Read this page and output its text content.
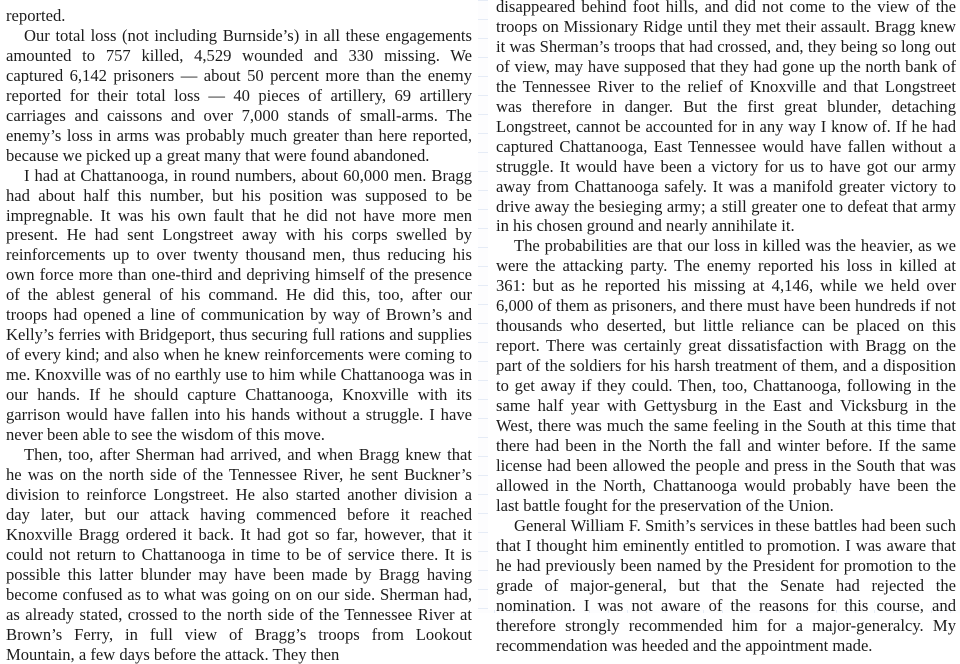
reported.

Our total loss (not including Burnside’s) in all these engagements amounted to 757 killed, 4,529 wounded and 330 missing. We captured 6,142 prisoners — about 50 percent more than the enemy reported for their total loss — 40 pieces of artillery, 69 artillery carriages and caissons and over 7,000 stands of small-arms. The enemy’s loss in arms was probably much greater than here reported, because we picked up a great many that were found abandoned.

I had at Chattanooga, in round numbers, about 60,000 men. Bragg had about half this number, but his position was supposed to be impregnable. It was his own fault that he did not have more men present. He had sent Longstreet away with his corps swelled by reinforcements up to over twenty thousand men, thus reducing his own force more than one-third and depriving himself of the presence of the ablest general of his command. He did this, too, after our troops had opened a line of communication by way of Brown’s and Kelly’s ferries with Bridgeport, thus securing full rations and supplies of every kind; and also when he knew reinforcements were coming to me. Knoxville was of no earthly use to him while Chattanooga was in our hands. If he should capture Chattanooga, Knoxville with its garrison would have fallen into his hands without a struggle. I have never been able to see the wisdom of this move.

Then, too, after Sherman had arrived, and when Bragg knew that he was on the north side of the Tennessee River, he sent Buckner’s division to reinforce Longstreet. He also started another division a day later, but our attack having commenced before it reached Knoxville Bragg ordered it back. It had got so far, however, that it could not return to Chattanooga in time to be of service there. It is possible this latter blunder may have been made by Bragg having become confused as to what was going on on our side. Sherman had, as already stated, crossed to the north side of the Tennessee River at Brown’s Ferry, in full view of Bragg’s troops from Lookout Mountain, a few days before the attack. They then

disappeared behind foot hills, and did not come to the view of the troops on Missionary Ridge until they met their assault. Bragg knew it was Sherman’s troops that had crossed, and, they being so long out of view, may have supposed that they had gone up the north bank of the Tennessee River to the relief of Knoxville and that Longstreet was therefore in danger. But the first great blunder, detaching Longstreet, cannot be accounted for in any way I know of. If he had captured Chattanooga, East Tennessee would have fallen without a struggle. It would have been a victory for us to have got our army away from Chattanooga safely. It was a manifold greater victory to drive away the besieging army; a still greater one to defeat that army in his chosen ground and nearly annihilate it.

The probabilities are that our loss in killed was the heavier, as we were the attacking party. The enemy reported his loss in killed at 361: but as he reported his missing at 4,146, while we held over 6,000 of them as prisoners, and there must have been hundreds if not thousands who deserted, but little reliance can be placed on this report. There was certainly great dissatisfaction with Bragg on the part of the soldiers for his harsh treatment of them, and a disposition to get away if they could. Then, too, Chattanooga, following in the same half year with Gettysburg in the East and Vicksburg in the West, there was much the same feeling in the South at this time that there had been in the North the fall and winter before. If the same license had been allowed the people and press in the South that was allowed in the North, Chattanooga would probably have been the last battle fought for the preservation of the Union.

General William F. Smith’s services in these battles had been such that I thought him eminently entitled to promotion. I was aware that he had previously been named by the President for promotion to the grade of major-general, but that the Senate had rejected the nomination. I was not aware of the reasons for this course, and therefore strongly recommended him for a major-generalcy. My recommendation was heeded and the appointment made.
